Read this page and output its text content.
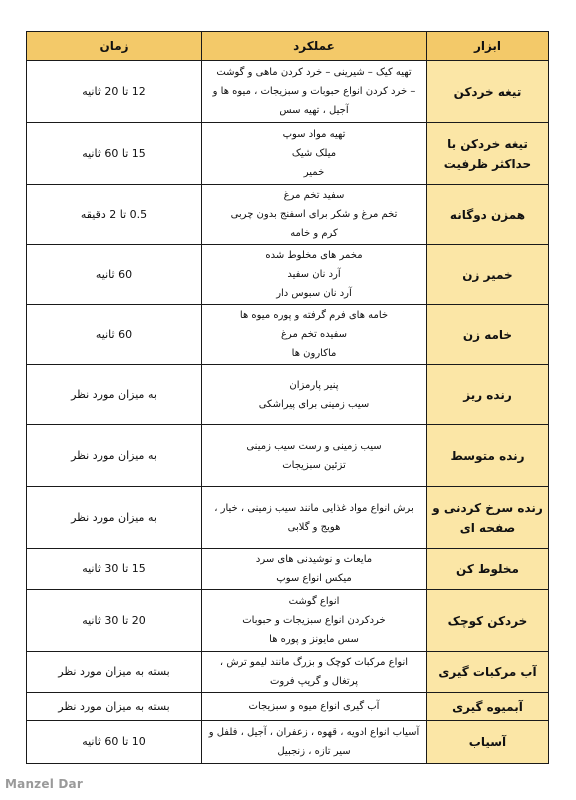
ابزار	عملکرد	زمان
تیغه خردکن	تهیه کیک – شیرینی – خرد کردن ماهی و گوشت
– خرد کردن انواع حبوبات و سبزیجات ، میوه ها و
آجیل ، تهیه سس	12 تا 20 ثانیه
تیغه خردکن با حداکثر ظرفیت	تهیه مواد سوپ
میلک شیک
خمیر	15 تا 60 ثانیه
همزن دوگانه	سفید تخم مرغ
تخم مرغ و شکر برای اسفنج بدون چربی
کرم و خامه	0.5 تا 2 دقیقه
خمیر زن	مخمر های مخلوط شده
آرد نان سفید
آرد نان سبوس دار	60 ثانیه
خامه زن	خامه های فرم گرفته و پوره میوه ها
سفیده تخم مرغ
ماکارون ها	60 ثانیه
رنده ریز	پنیر پارمزان
سیب زمینی برای پیراشکی	به میزان مورد نظر
رنده متوسط	سیب زمینی و رست سیب زمینی
تزئین سبزیجات	به میزان مورد نظر
رنده سرخ کردنی و صفحه ای	برش انواع مواد غذایی مانند سیب زمینی ، خیار ،
هویج و گلابی	به میزان مورد نظر
مخلوط کن	مایعات و نوشیدنی های سرد
میکس انواع سوپ	15 تا 30 ثانیه
خردکن کوچک	انواع گوشت
خردکردن انواع سبزیجات و حبوبات
سس مایونز و پوره ها	20 تا 30 ثانیه
آب مرکبات گیری	انواع مرکبات کوچک و بزرگ مانند لیمو ترش ،
پرتغال و گریپ فروت	بسته به میزان مورد نظر
آبمیوه گیری	آب گیری انواع میوه و سبزیجات	بسته به میزان مورد نظر
آسیاب	آسیاب انواع ادویه ، قهوه ، زعفران ، آجیل ، فلفل و
سیر تازه ، زنجبیل	10 تا 60 ثانیه
Manzel Dar
